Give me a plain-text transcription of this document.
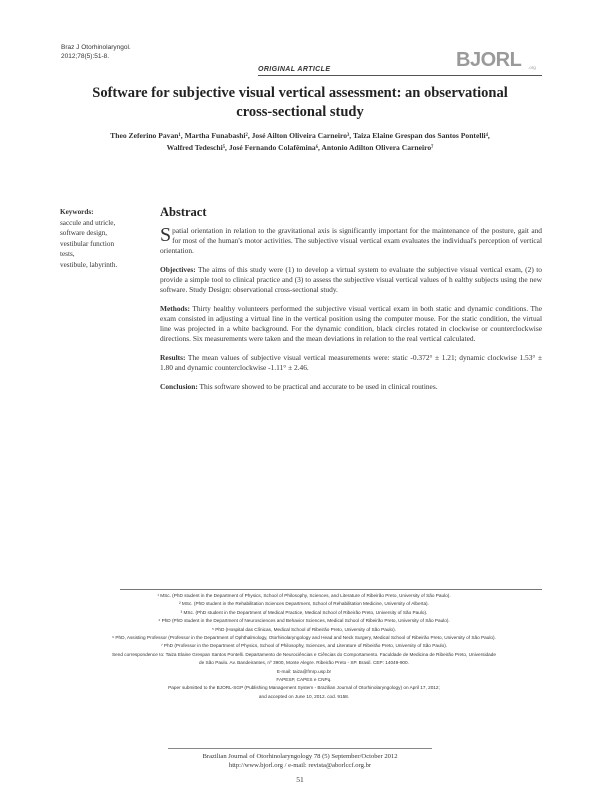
Braz J Otorhinolaryngol.
2012;78(5):51-8.
ORIGINAL ARTICLE	BJORL .org
Software for subjective visual vertical assessment: an observational
cross-sectional study
Theo Zeferino Pavan¹, Martha Funabashi², José Ailton Oliveira Carneiro³, Taiza Elaine Grespan dos Santos Pontelli⁴,
Walfred Tedeschi⁵, José Fernando Colafêmina⁶, Antonio Adilton Olivera Carneiro⁷
Keywords:
saccule and utricle,
software design,
vestibular function
tests,
vestibule, labyrinth.
Abstract

Spatial orientation in relation to the gravitational axis is significantly important for the maintenance of the posture, gait and for most of the human's motor activities. The subjective visual vertical exam evaluates the individual's perception of vertical orientation.

Objectives: The aims of this study were (1) to develop a virtual system to evaluate the subjective visual vertical exam, (2) to provide a simple tool to clinical practice and (3) to assess the subjective visual vertical values of h ealthy subjects using the new software. Study Design: observational cross-sectional study.

Methods: Thirty healthy volunteers performed the subjective visual vertical exam in both static and dynamic conditions. The exam consisted in adjusting a virtual line in the vertical position using the computer mouse. For the static condition, the virtual line was projected in a white background. For the dynamic condition, black circles rotated in clockwise or counterclockwise directions. Six measurements were taken and the mean deviations in relation to the real vertical calculated.

Results: The mean values of subjective visual vertical measurements were: static -0.372° ± 1.21; dynamic clockwise 1.53° ± 1.80 and dynamic counterclockwise -1.11° ± 2.46.

Conclusion: This software showed to be practical and accurate to be used in clinical routines.

¹ MSc. (PhD student in the Department of Physics, School of Philosophy, Sciences, and Literature of Ribeirão Preto, University of São Paulo).
² MSc. (PhD student in the Rehabilitation Sciences Department, School of Rehabilitation Medicine, University of Alberta).
³ MSc. (PhD student in the Department of Medical Practice, Medical School of Ribeirão Preto, University of São Paulo).
⁴ PhD (PhD student in the Department of Neurosciences and Behavior Sciences, Medical School of Ribeirão Preto, University of São Paulo).
⁵ PhD (Hospital das Clínicas, Medical School of Ribeirão Preto, University of São Paulo).
⁶ PhD, Assisting Professor (Professor in the Department of Ophthalmology, Otorhinolaryngology and Head and Neck Surgery, Medical School of Ribeirão Preto, University of São Paulo).
⁷ PhD (Professor in the Department of Physics, School of Philosophy, Sciences, and Literature of Ribeirão Preto, University of São Paulo).
Send correspondence to: Taiza Elaine Grespan Santos Pontelli. Departamento de Neurociências e Ciências do Comportamento. Faculdade de Medicina de Ribeirão Preto, Universidade
de São Paulo. Av. Bandeirantes, nº 3900, Monte Alegre. Ribeirão Preto - SP. Brasil. CEP: 14049-900.
E-mail: taiza@fmrp.usp.br
FAPESP, CAPES e CNPq.
Paper submitted to the BJORL-SGP (Publishing Management System - Brazilian Journal of Otorhinolaryngology) on April 17, 2012;
and accepted on June 10, 2012. cod. 9158.
Brazilian Journal of Otorhinolaryngology 78 (5) September/October 2012
http://www.bjorl.org / e-mail: revista@aborlccf.org.br
51
